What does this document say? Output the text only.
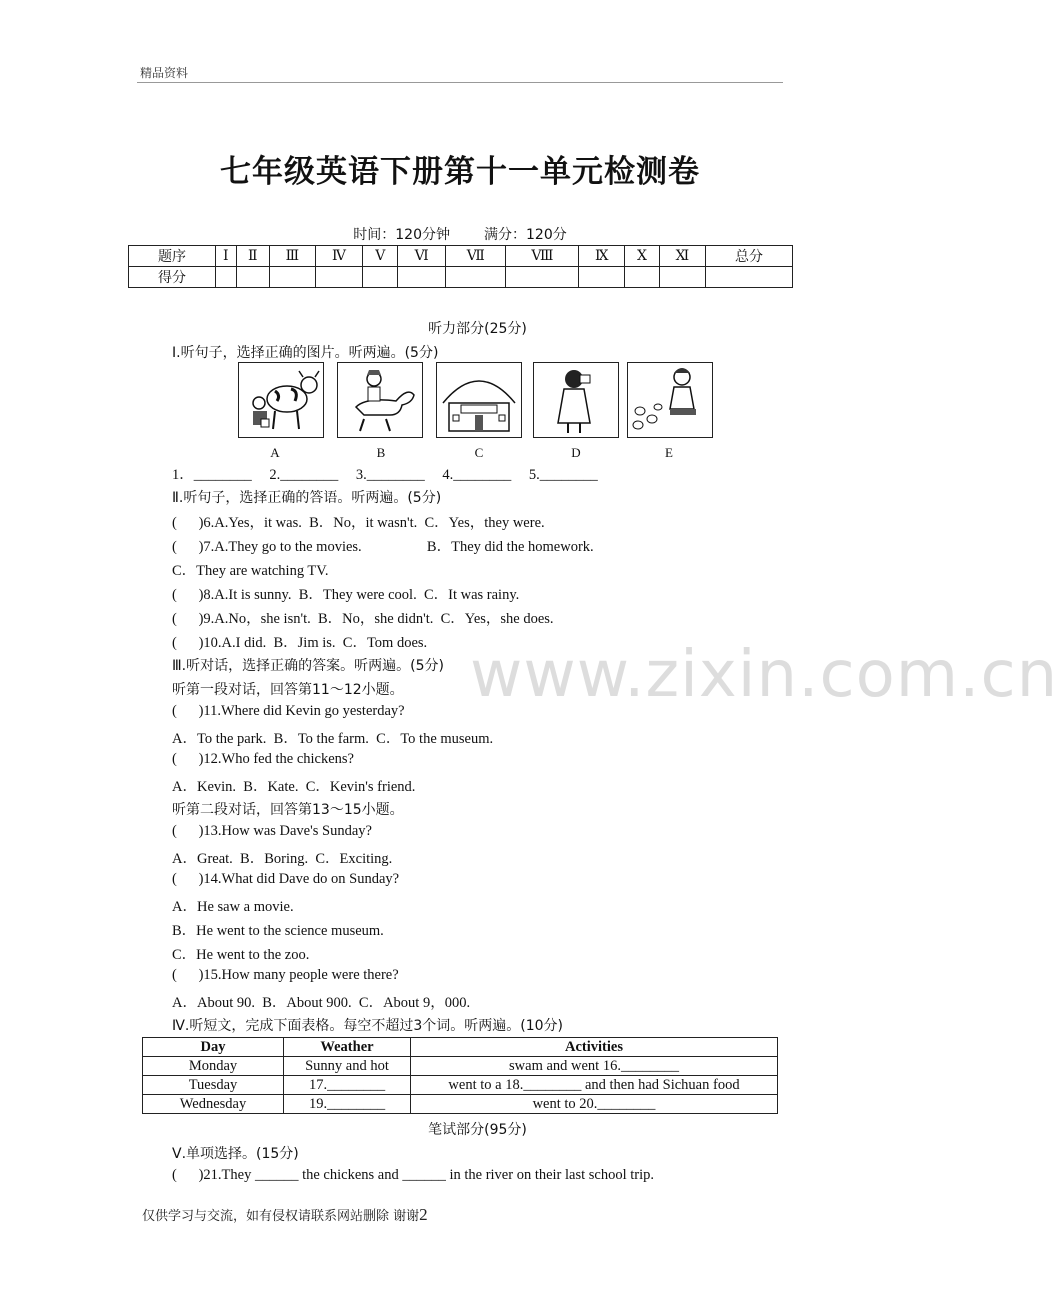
精品资料
www.zixin.com.cn
七年级英语下册第十一单元检测卷
时间：120分钟 满分：120分
题序	Ⅰ	Ⅱ	Ⅲ	Ⅳ	Ⅴ	Ⅵ	Ⅶ	Ⅷ	Ⅸ	Ⅹ	Ⅺ	总分
得分												
听力部分(25分)
Ⅰ.听句子，选择正确的图片。听两遍。(5分)
A	B	C	D	E
1．________ 2.________ 3.________ 4.________ 5.________
Ⅱ.听句子，选择正确的答语。听两遍。(5分)
(      )6.A.Yes，it was.  B．No，it wasn't.  C．Yes，they were.
(      )7.A.They go to the movies.                  B．They did the homework.
C．They are watching TV.
(      )8.A.It is sunny.  B．They were cool.  C．It was rainy.
(      )9.A.No，she isn't.  B．No，she didn't.  C．Yes，she does.
(      )10.A.I did.  B．Jim is.  C．Tom does.
Ⅲ.听对话，选择正确的答案。听两遍。(5分)
听第一段对话，回答第11～12小题。
(      )11.Where did Kevin go yesterday?
A．To the park.  B．To the farm.  C．To the museum.
(      )12.Who fed the chickens?
A．Kevin.  B．Kate.  C．Kevin's friend.
听第二段对话，回答第13～15小题。
(      )13.How was Dave's Sunday?
A．Great.  B．Boring.  C．Exciting.
(      )14.What did Dave do on Sunday?
A．He saw a movie.
B．He went to the science museum.
C．He went to the zoo.
(      )15.How many people were there?
A．About 90.  B．About 900.  C．About 9，000.
Ⅳ.听短文，完成下面表格。每空不超过3个词。听两遍。(10分)
Day	Weather	Activities
Monday	Sunny and hot	swam and went 16.________
Tuesday	17.________	went to a 18.________ and then had Sichuan food
Wednesday	19.________	went to 20.________
笔试部分(95分)
Ⅴ.单项选择。(15分)
(      )21.They ______ the chickens and ______ in the river on their last school trip.
仅供学习与交流，如有侵权请联系网站删除 谢谢2
